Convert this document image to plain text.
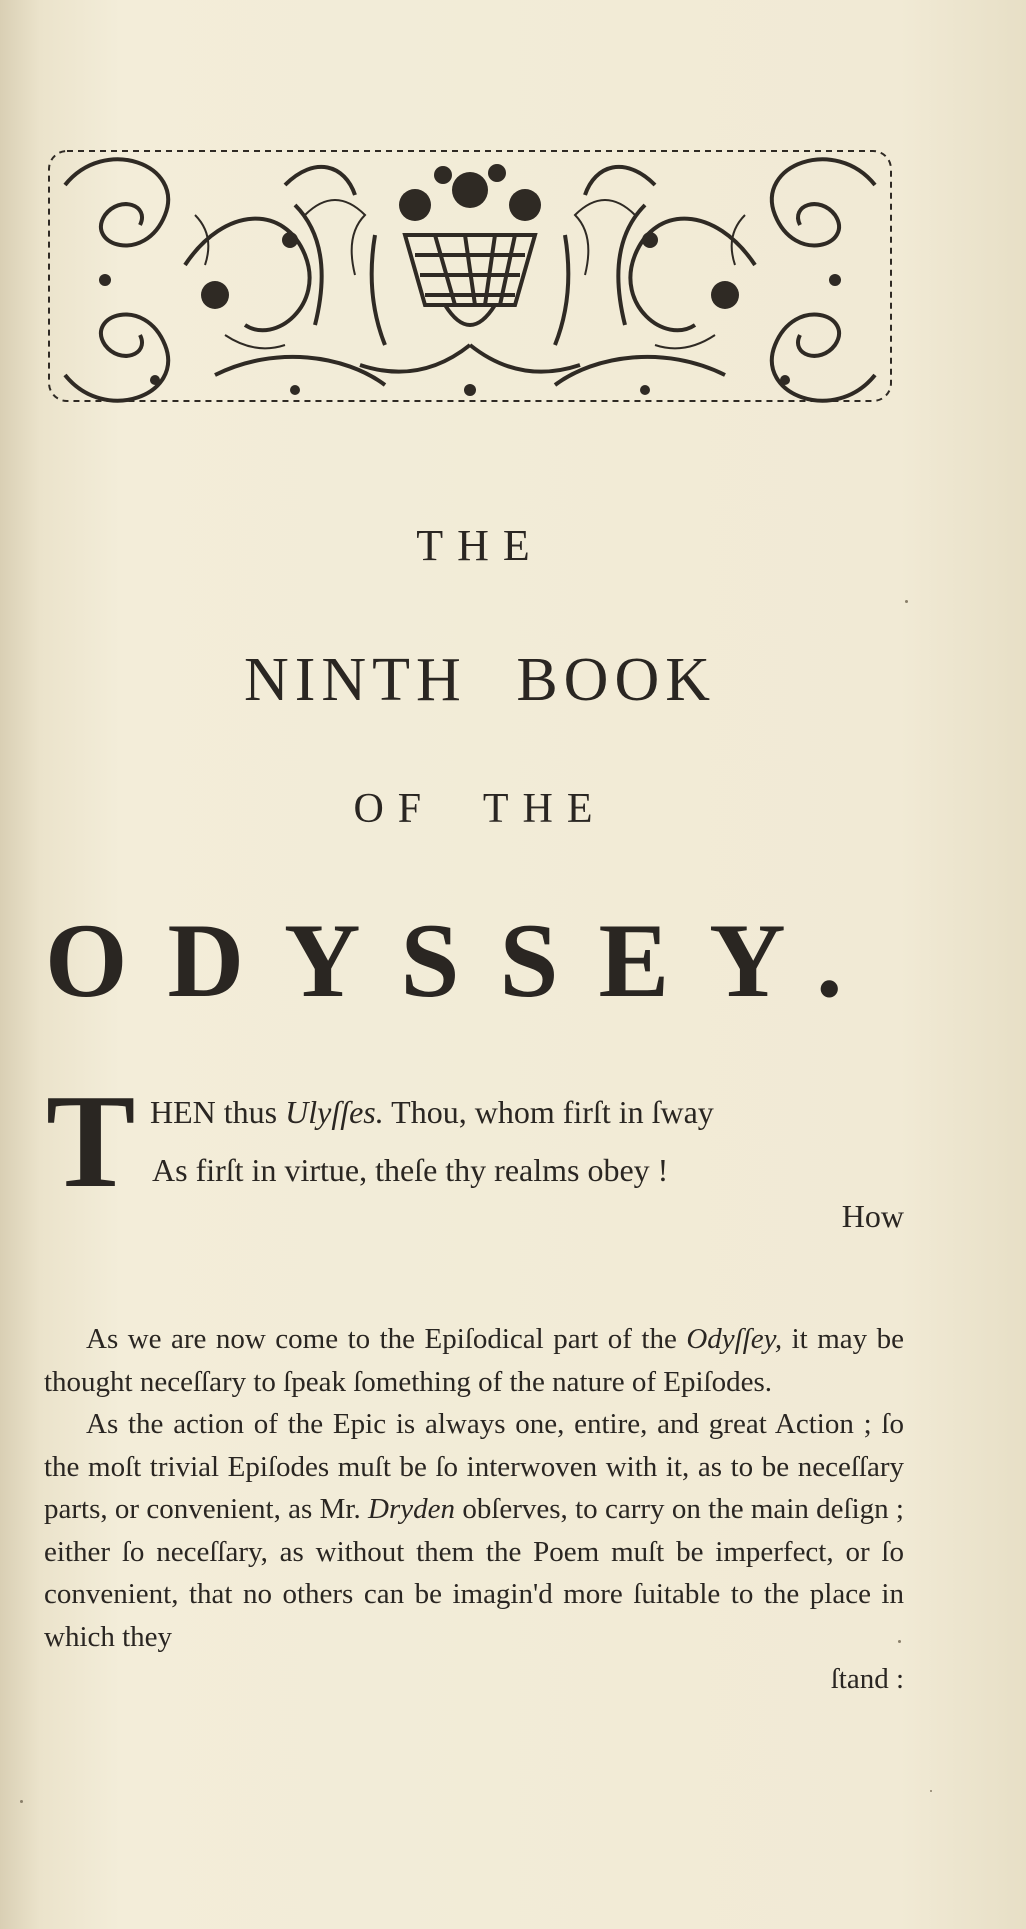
THE
NINTH BOOK
OF THE
ODYSSEY.
T HEN thus Ulyſſes. Thou, whom firſt in ſway
As firſt in virtue, theſe thy realms obey !
How

As we are now come to the Epiſodical part of the Odyſſey, it may be thought neceſſary to ſpeak ſomething of the nature of Epiſodes.

As the action of the Epic is always one, entire, and great Action ; ſo the moſt trivial Epiſodes muſt be ſo interwoven with it, as to be neceſſary parts, or convenient, as Mr. Dryden obſerves, to carry on the main deſign ; either ſo neceſſary, as without them the Poem muſt be imperfect, or ſo convenient, that no others can be imagin'd more ſuitable to the place in which they

ſtand :
